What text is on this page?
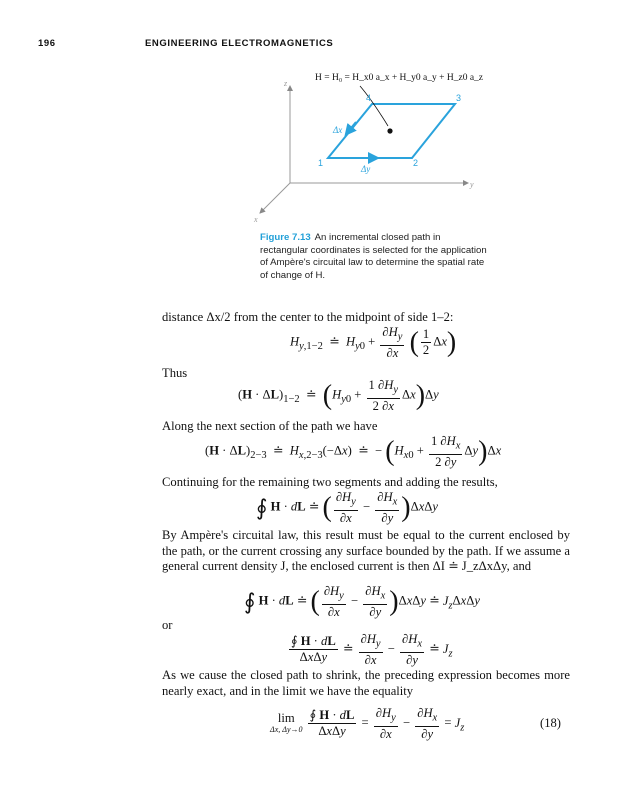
196	ENGINEERING ELECTROMAGNETICS
z
y
x
H = H₀ = H_x0 a_x + H_y0 a_y + H_z0 a_z
1	2
3
4
Δx
Δy
Figure 7.13 An incremental closed path in rectangular coordinates is selected for the application of Ampère's circuital law to determine the spatial rate of change of H.
distance Δx/2 from the center to the midpoint of side 1–2:
$H_{y,1-2}$  ≐  $H_{y0} + \frac{\partial H_y}{\partial x}$ ( $\frac{1}{2} \Delta x$)
Thus
$(H \cdot \Delta L)_{1-2}$  ≐  $(H_{y0} + \frac{1 \partial H_y}{2 \partial x} \Delta x)\Delta y$
Along the next section of the path we have
$(H \cdot \Delta L)_{2-3}$  ≐  $H_{x,2-3}(-\Delta x)$  ≐  − $(H_{x0} + \frac{1 \partial H_x}{2 \partial y} \Delta y)\Delta x$
Continuing for the remaining two segments and adding the results,
∮ H · dL ≐ ( $\frac{\partial H_y}{\partial x} - \frac{\partial H_x}{\partial y} )\Delta x\Delta y$
By Ampère's circuital law, this result must be equal to the current enclosed by the path, or the current crossing any surface bounded by the path. If we assume a general current density J, the enclosed current is then ΔI ≐ J_zΔxΔy, and
∮ H · dL ≐ ( $\frac{\partial H_y}{\partial x} - \frac{\partial H_x}{\partial y} )\Delta x\Delta y$ ≐ $J_z\Delta x\Delta y$
or
$\frac{∮ H \cdot dL}{\text{ΔxΔy}}$ ≐ $\frac{\partial H_y}{\partial x} - \frac{\partial H_x}{\partial y}$ ≐ $J_z$
As we cause the closed path to shrink, the preceding expression becomes more nearly exact, and in the limit we have the equality
lim
Δx, Δy→0
$\frac{∮ H \cdot dL}{\text{ΔxΔy}} = \frac{\partial H_y}{\partial x} - \frac{\partial H_x}{\partial y} = J_z$	(18)
